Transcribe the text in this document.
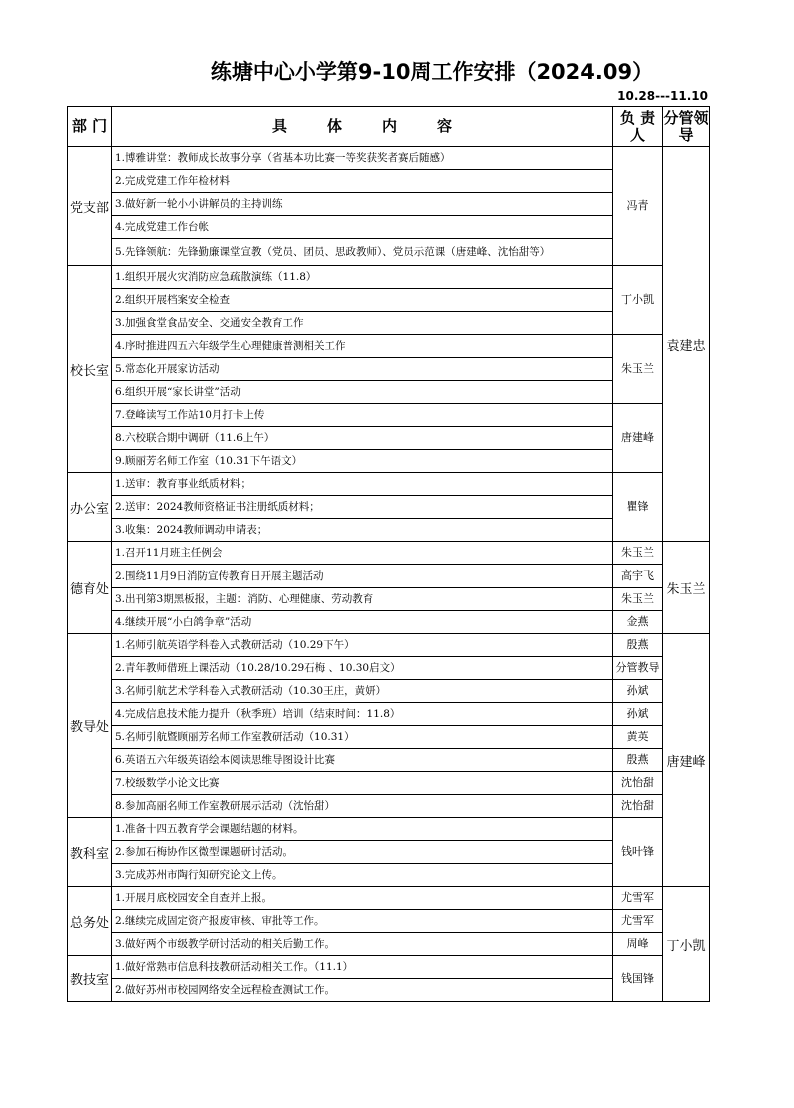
练塘中心小学第9-10周工作安排（2024.09）
10.28---11.10
部 门	具体内容	负 责 人	分管领导
党支部	1.博雅讲堂：教师成长故事分享（省基本功比赛一等奖获奖者赛后随感）	冯青	袁建忠
	2.完成党建工作年检材料		
	3.做好新一轮小小讲解员的主持训练		
	4.完成党建工作台帐		
	5.先锋领航：先锋勤廉课堂宣教（党员、团员、思政教师）、党员示范课（唐建峰、沈怡甜等）		
校长室	1.组织开展火灾消防应急疏散演练（11.8）	丁小凯	
	2.组织开展档案安全检查		
	3.加强食堂食品安全、交通安全教育工作		
	4.序时推进四五六年级学生心理健康普测相关工作	朱玉兰	
	5.常态化开展家访活动		
	6.组织开展“家长讲堂”活动		
	7.登峰读写工作站10月打卡上传	唐建峰	
	8.六校联合期中调研（11.6上午）		
	9.顾丽芳名师工作室（10.31下午语文）		
办公室	1.送审：教育事业纸质材料；	瞿锋	
	2.送审：2024教师资格证书注册纸质材料；		
	3.收集：2024教师调动申请表；		
德育处	1.召开11月班主任例会	朱玉兰	朱玉兰
	2.围绕11月9日消防宣传教育日开展主题活动	高宇飞	
	3.出刊第3期黑板报，主题：消防、心理健康、劳动教育	朱玉兰	
	4.继续开展“小白鸽争章”活动	金燕	
教导处	1.名师引航英语学科卷入式教研活动（10.29下午）	殷燕	唐建峰
	2.青年教师借班上课活动（10.28/10.29石梅 、10.30启文）	分管教导	
	3.名师引航艺术学科卷入式教研活动（10.30王庄，黄妍）	孙斌	
	4.完成信息技术能力提升（秋季班）培训（结束时间：11.8）	孙斌	
	5.名师引航暨顾丽芳名师工作室教研活动（10.31）	黄英	
	6.英语五六年级英语绘本阅读思维导图设计比赛	殷燕	
	7.校级数学小论文比赛	沈怡甜	
	8.参加高丽名师工作室教研展示活动（沈怡甜）	沈怡甜	
教科室	1.准备十四五教育学会课题结题的材料。	钱叶锋	
	2.参加石梅协作区微型课题研讨活动。		
	3.完成苏州市陶行知研究论文上传。		
总务处	1.开展月底校园安全自查并上报。	尤雪军	丁小凯
	2.继续完成固定资产报废审核、审批等工作。	尤雪军	
	3.做好两个市级教学研讨活动的相关后勤工作。	周峰	
教技室	1.做好常熟市信息科技教研活动相关工作。（11.1）	钱国锋	
	2.做好苏州市校园网络安全远程检查测试工作。		
